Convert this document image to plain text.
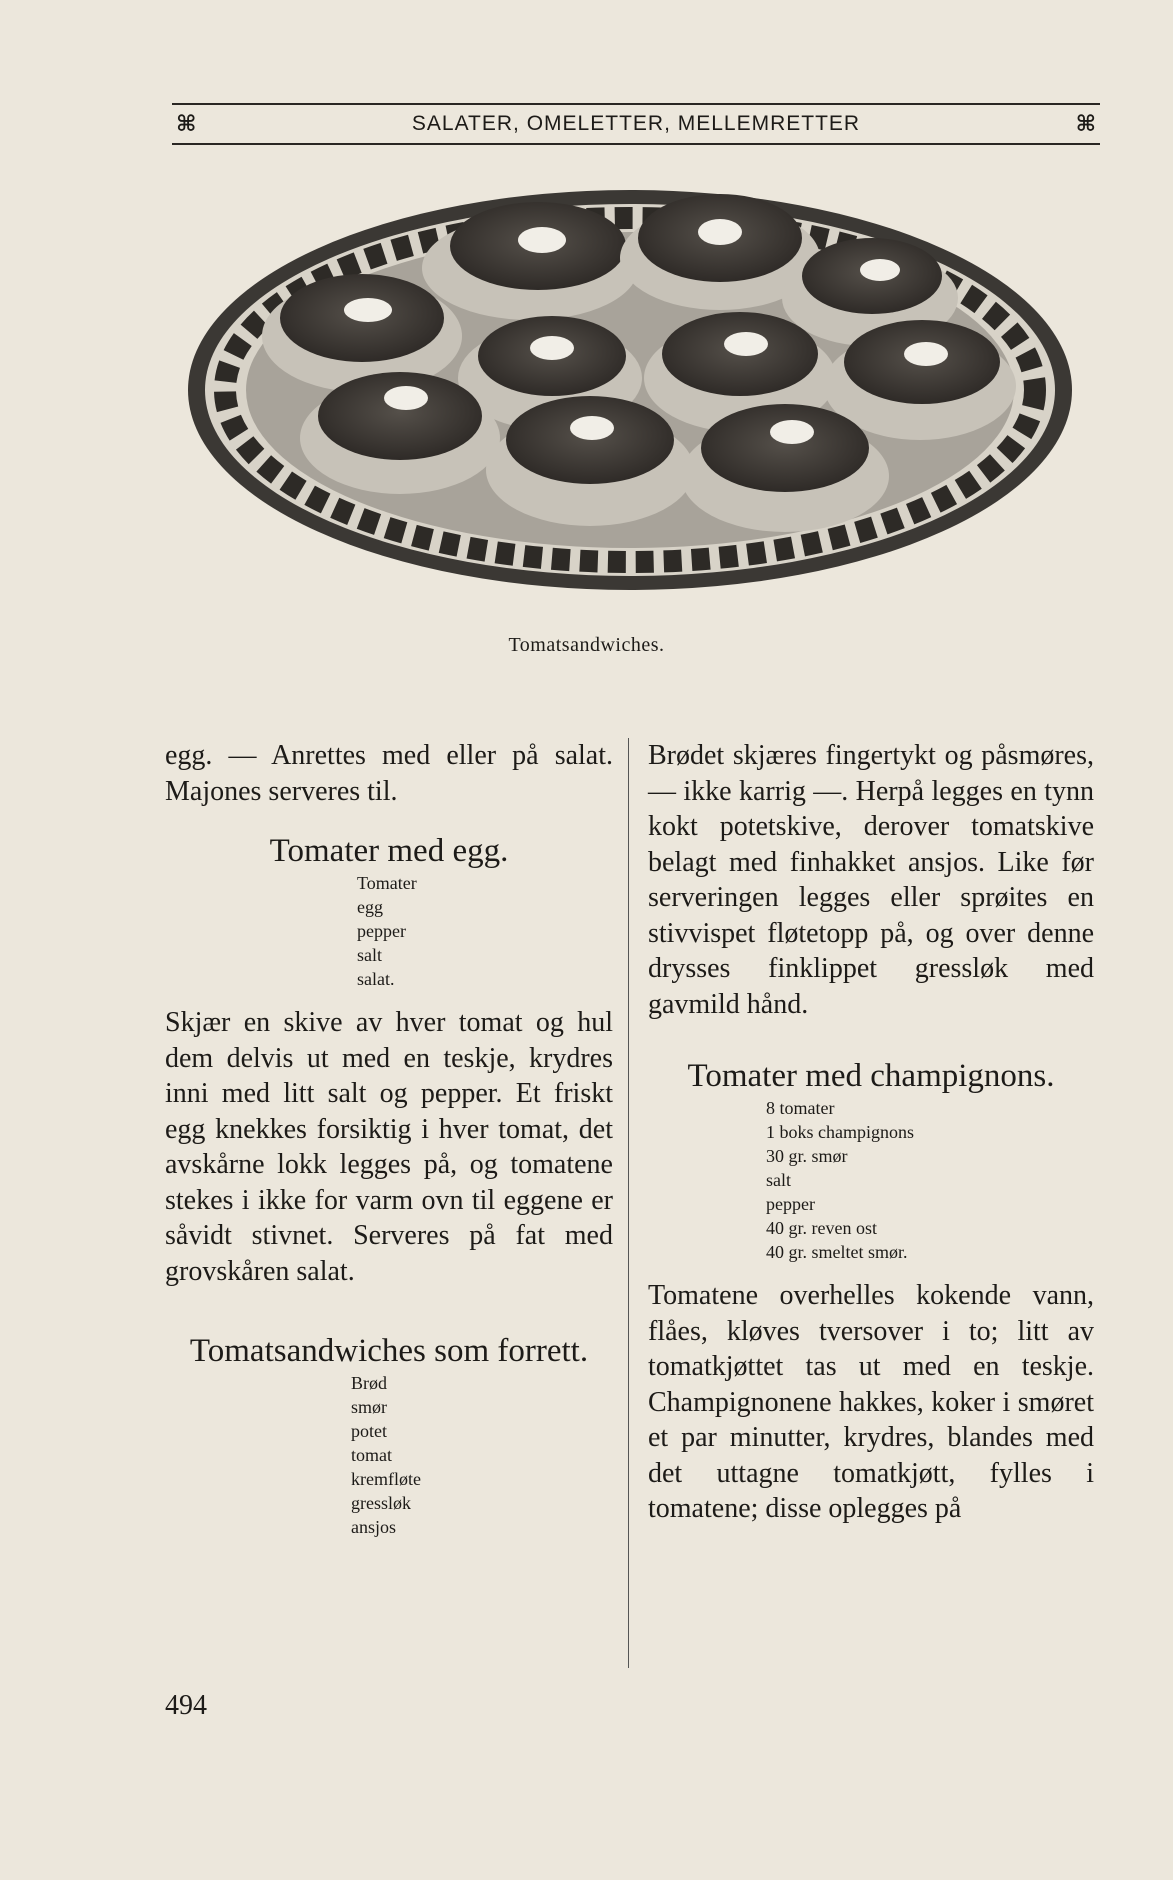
⌘	SALATER, OMELETTER, MELLEMRETTER	⌘
Tomatsandwiches.

egg. — Anrettes med eller på salat. Majones serveres til.

Tomater med egg.
Tomater
egg
pepper
salt
salat.

Skjær en skive av hver tomat og hul dem delvis ut med en teskje, krydres inni med litt salt og pepper. Et friskt egg knekkes forsiktig i hver tomat, det avskårne lokk legges på, og tomatene stekes i ikke for varm ovn til eggene er såvidt stivnet. Serveres på fat med grovskåren salat.

Tomatsandwiches som forrett.
Brød
smør
potet
tomat
kremfløte
gressløk
ansjos

Brødet skjæres fingertykt og påsmøres, — ikke karrig —. Herpå legges en tynn kokt potetskive, derover tomatskive belagt med finhakket ansjos. Like før serveringen legges eller sprøites en stivvispet fløtetopp på, og over denne drysses finklippet gressløk med gavmild hånd.

Tomater med champignons.
8 tomater
1 boks champignons
30 gr. smør
salt
pepper
40 gr. reven ost
40 gr. smeltet smør.

Tomatene overhelles kokende vann, flåes, kløves tversover i to; litt av tomatkjøttet tas ut med en teskje. Champignonene hakkes, koker i smøret et par minutter, krydres, blandes med det uttagne tomatkjøtt, fylles i tomatene; disse oplegges på

494
